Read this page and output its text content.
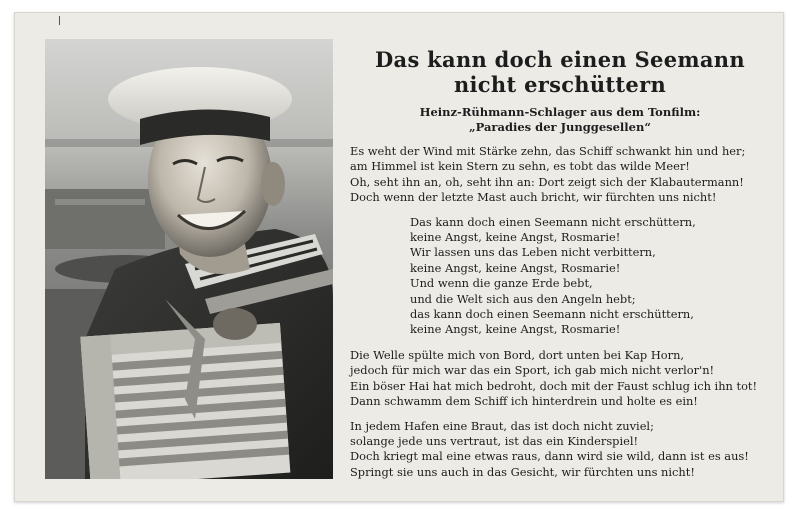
Das kann doch einen Seemann
nicht erschüttern
Heinz-Rühmann-Schlager aus dem Tonfilm:
„Paradies der Junggesellen“
Es weht der Wind mit Stärke zehn, das Schiff schwankt hin und her;
am Himmel ist kein Stern zu sehn, es tobt das wilde Meer!
Oh, seht ihn an, oh, seht ihn an: Dort zeigt sich der Klabautermann!
Doch wenn der letzte Mast auch bricht, wir fürchten uns nicht!
Das kann doch einen Seemann nicht erschüttern,
keine Angst, keine Angst, Rosmarie!
Wir lassen uns das Leben nicht verbittern,
keine Angst, keine Angst, Rosmarie!
Und wenn die ganze Erde bebt,
und die Welt sich aus den Angeln hebt;
das kann doch einen Seemann nicht erschüttern,
keine Angst, keine Angst, Rosmarie!
Die Welle spülte mich von Bord, dort unten bei Kap Horn,
jedoch für mich war das ein Sport, ich gab mich nicht verlor'n!
Ein böser Hai hat mich bedroht, doch mit der Faust schlug ich ihn tot!
Dann schwamm dem Schiff ich hinterdrein und holte es ein!
In jedem Hafen eine Braut, das ist doch nicht zuviel;
solange jede uns vertraut, ist das ein Kinderspiel!
Doch kriegt mal eine etwas raus, dann wird sie wild, dann ist es aus!
Springt sie uns auch in das Gesicht, wir fürchten uns nicht!
